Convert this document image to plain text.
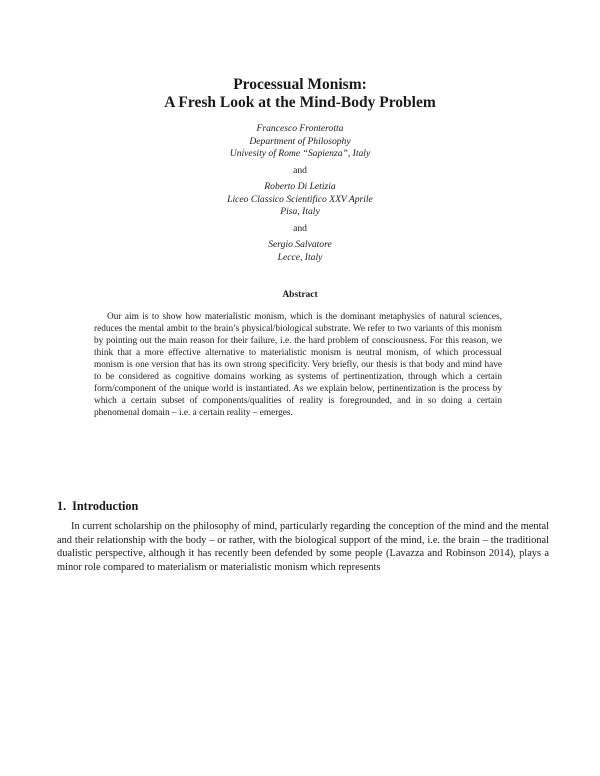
Processual Monism:
A Fresh Look at the Mind-Body Problem
Francesco Fronterotta
Department of Philosophy
Univesity of Rome “Sapienza”, Italy
and
Roberto Di Letizia
Liceo Classico Scientifico XXV Aprile
Pisa, Italy
and
Sergio Salvatore
Lecce, Italy
Abstract

Our aim is to show how materialistic monism, which is the dominant metaphysics of natural sciences, reduces the mental ambit to the brain’s physical/biological substrate. We refer to two variants of this monism by pointing out the main reason for their failure, i.e. the hard problem of consciousness. For this reason, we think that a more effective alternative to materialistic monism is neutral monism, of which processual monism is one version that has its own strong specificity. Very briefly, our thesis is that body and mind have to be considered as cognitive domains working as systems of pertinentization, through which a certain form/component of the unique world is instantiated. As we explain below, pertinentization is the process by which a certain subset of components/qualities of reality is foregrounded, and in so doing a certain phenomenal domain – i.e. a certain reality – emerges.

1. Introduction

In current scholarship on the philosophy of mind, particularly regarding the conception of the mind and the mental and their relationship with the body – or rather, with the biological support of the mind, i.e. the brain – the traditional dualistic perspective, although it has recently been defended by some people (Lavazza and Robinson 2014), plays a minor role compared to materialism or materialistic monism which represents
